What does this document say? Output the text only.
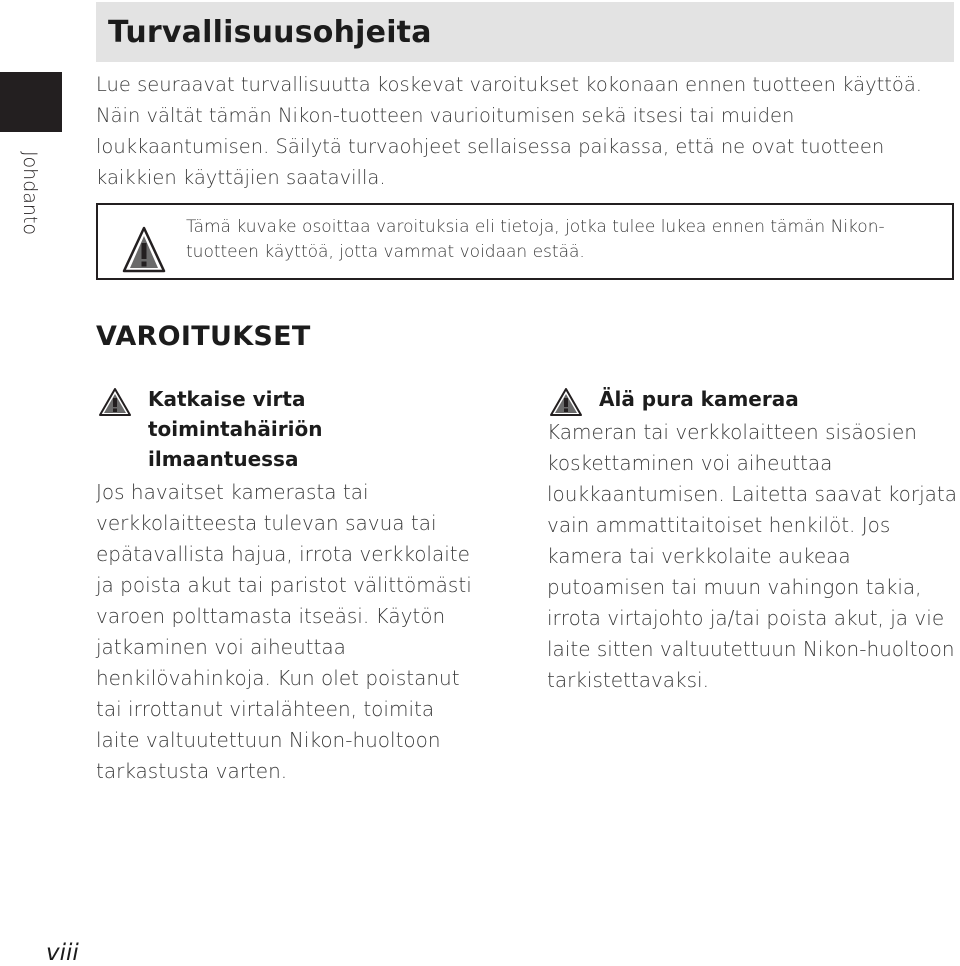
Johdanto
Turvallisuusohjeita

Lue seuraavat turvallisuutta koskevat varoitukset kokonaan ennen tuotteen käyttöä. Näin vältät tämän Nikon-tuotteen vaurioitumisen sekä itsesi tai muiden loukkaantumisen. Säilytä turvaohjeet sellaisessa paikassa, että ne ovat tuotteen kaikkien käyttäjien saatavilla.

Tämä kuvake osoittaa varoituksia eli tietoja, jotka tulee lukea ennen tämän Nikon-tuotteen käyttöä, jotta vammat voidaan estää.
VAROITUKSET
Katkaise virta toimintahäiriön ilmaantuessa
Jos havaitset kamerasta tai verkkolaitteesta tulevan savua tai epätavallista hajua, irrota verkkolaite ja poista akut tai paristot välittömästi varoen polttamasta itseäsi. Käytön jatkaminen voi aiheuttaa henkilövahinkoja. Kun olet poistanut tai irrottanut virtalähteen, toimita laite valtuutettuun Nikon-huoltoon tarkastusta varten.
Älä pura kameraa
Kameran tai verkkolaitteen sisäosien koskettaminen voi aiheuttaa loukkaantumisen. Laitetta saavat korjata vain ammattitaitoiset henkilöt. Jos kamera tai verkkolaite aukeaa putoamisen tai muun vahingon takia, irrota virtajohto ja/tai poista akut, ja vie laite sitten valtuutettuun Nikon-huoltoon tarkistettavaksi.
viii
